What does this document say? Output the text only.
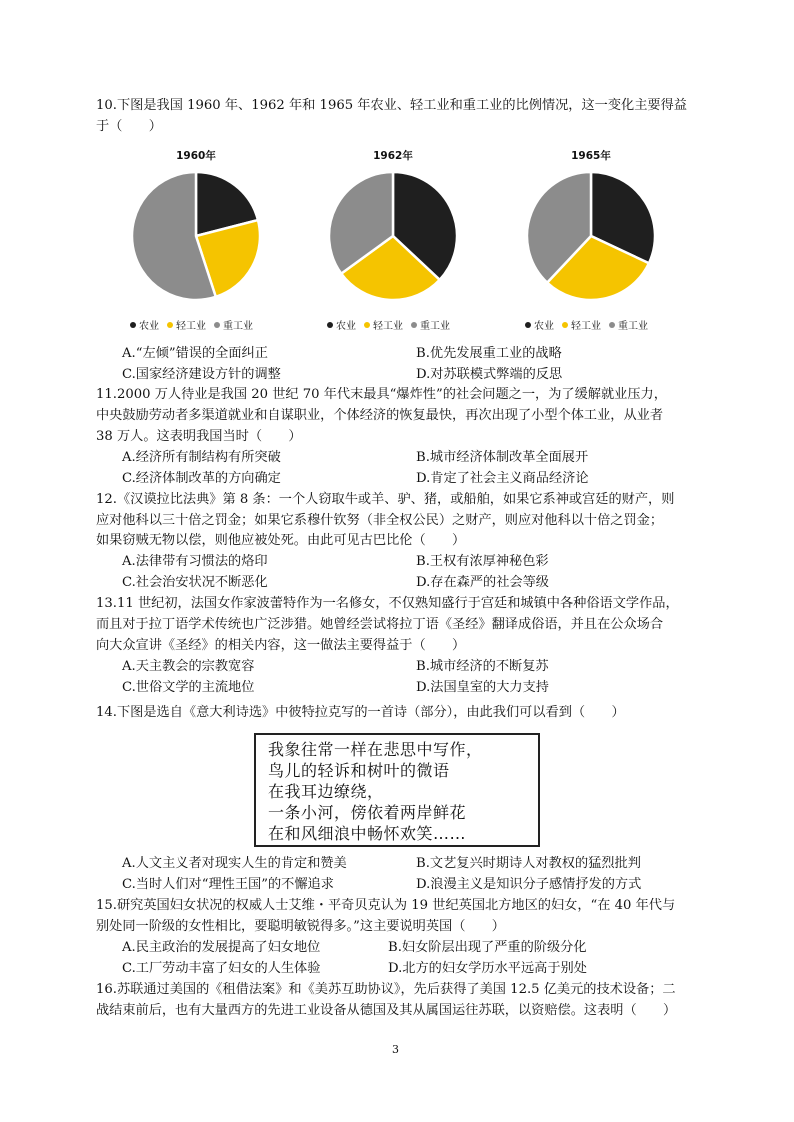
10.下图是我国 1960 年、1962 年和 1965 年农业、轻工业和重工业的比例情况，这一变化主要得益
于（　　）
1960年
农业 轻工业 重工业
1962年
农业 轻工业 重工业
1965年
农业 轻工业 重工业
A.“左倾”错误的全面纠正	B.优先发展重工业的战略
C.国家经济建设方针的调整	D.对苏联模式弊端的反思
11.2000 万人待业是我国 20 世纪 70 年代末最具“爆炸性”的社会问题之一，为了缓解就业压力，
中央鼓励劳动者多渠道就业和自谋职业，个体经济的恢复最快，再次出现了小型个体工业，从业者
38 万人。这表明我国当时（　　）
A.经济所有制结构有所突破	B.城市经济体制改革全面展开
C.经济体制改革的方向确定	D.肯定了社会主义商品经济论
12.《汉谟拉比法典》第 8 条：一个人窃取牛或羊、驴、猪，或船舶，如果它系神或宫廷的财产，则
应对他科以三十倍之罚金；如果它系穆什钦努（非全权公民）之财产，则应对他科以十倍之罚金；
如果窃贼无物以偿，则他应被处死。由此可见古巴比伦（　　）
A.法律带有习惯法的烙印	B.王权有浓厚神秘色彩
C.社会治安状况不断恶化	D.存在森严的社会等级
13.11 世纪初，法国女作家波蕾特作为一名修女，不仅熟知盛行于宫廷和城镇中各种俗语文学作品，
而且对于拉丁语学术传统也广泛涉猎。她曾经尝试将拉丁语《圣经》翻译成俗语，并且在公众场合
向大众宣讲《圣经》的相关内容，这一做法主要得益于（　　）
A.天主教会的宗教宽容	B.城市经济的不断复苏
C.世俗文学的主流地位	D.法国皇室的大力支持
14.下图是选自《意大利诗选》中彼特拉克写的一首诗（部分），由此我们可以看到（　　）
我象往常一样在悲思中写作，
鸟儿的轻诉和树叶的微语
在我耳边缭绕，
一条小河，傍依着两岸鲜花
在和风细浪中畅怀欢笑……
A.人文主义者对现实人生的肯定和赞美	B.文艺复兴时期诗人对教权的猛烈批判
C.当时人们对“理性王国”的不懈追求	D.浪漫主义是知识分子感情抒发的方式
15.研究英国妇女状况的权威人士艾维・平奇贝克认为 19 世纪英国北方地区的妇女，“在 40 年代与
别处同一阶级的女性相比，要聪明敏锐得多。”这主要说明英国（　　）
A.民主政治的发展提高了妇女地位	B.妇女阶层出现了严重的阶级分化
C.工厂劳动丰富了妇女的人生体验	D.北方的妇女学历水平远高于别处
16.苏联通过美国的《租借法案》和《美苏互助协议》，先后获得了美国 12.5 亿美元的技术设备；二
战结束前后，也有大量西方的先进工业设备从德国及其从属国运往苏联，以资赔偿。这表明（　　）
3
